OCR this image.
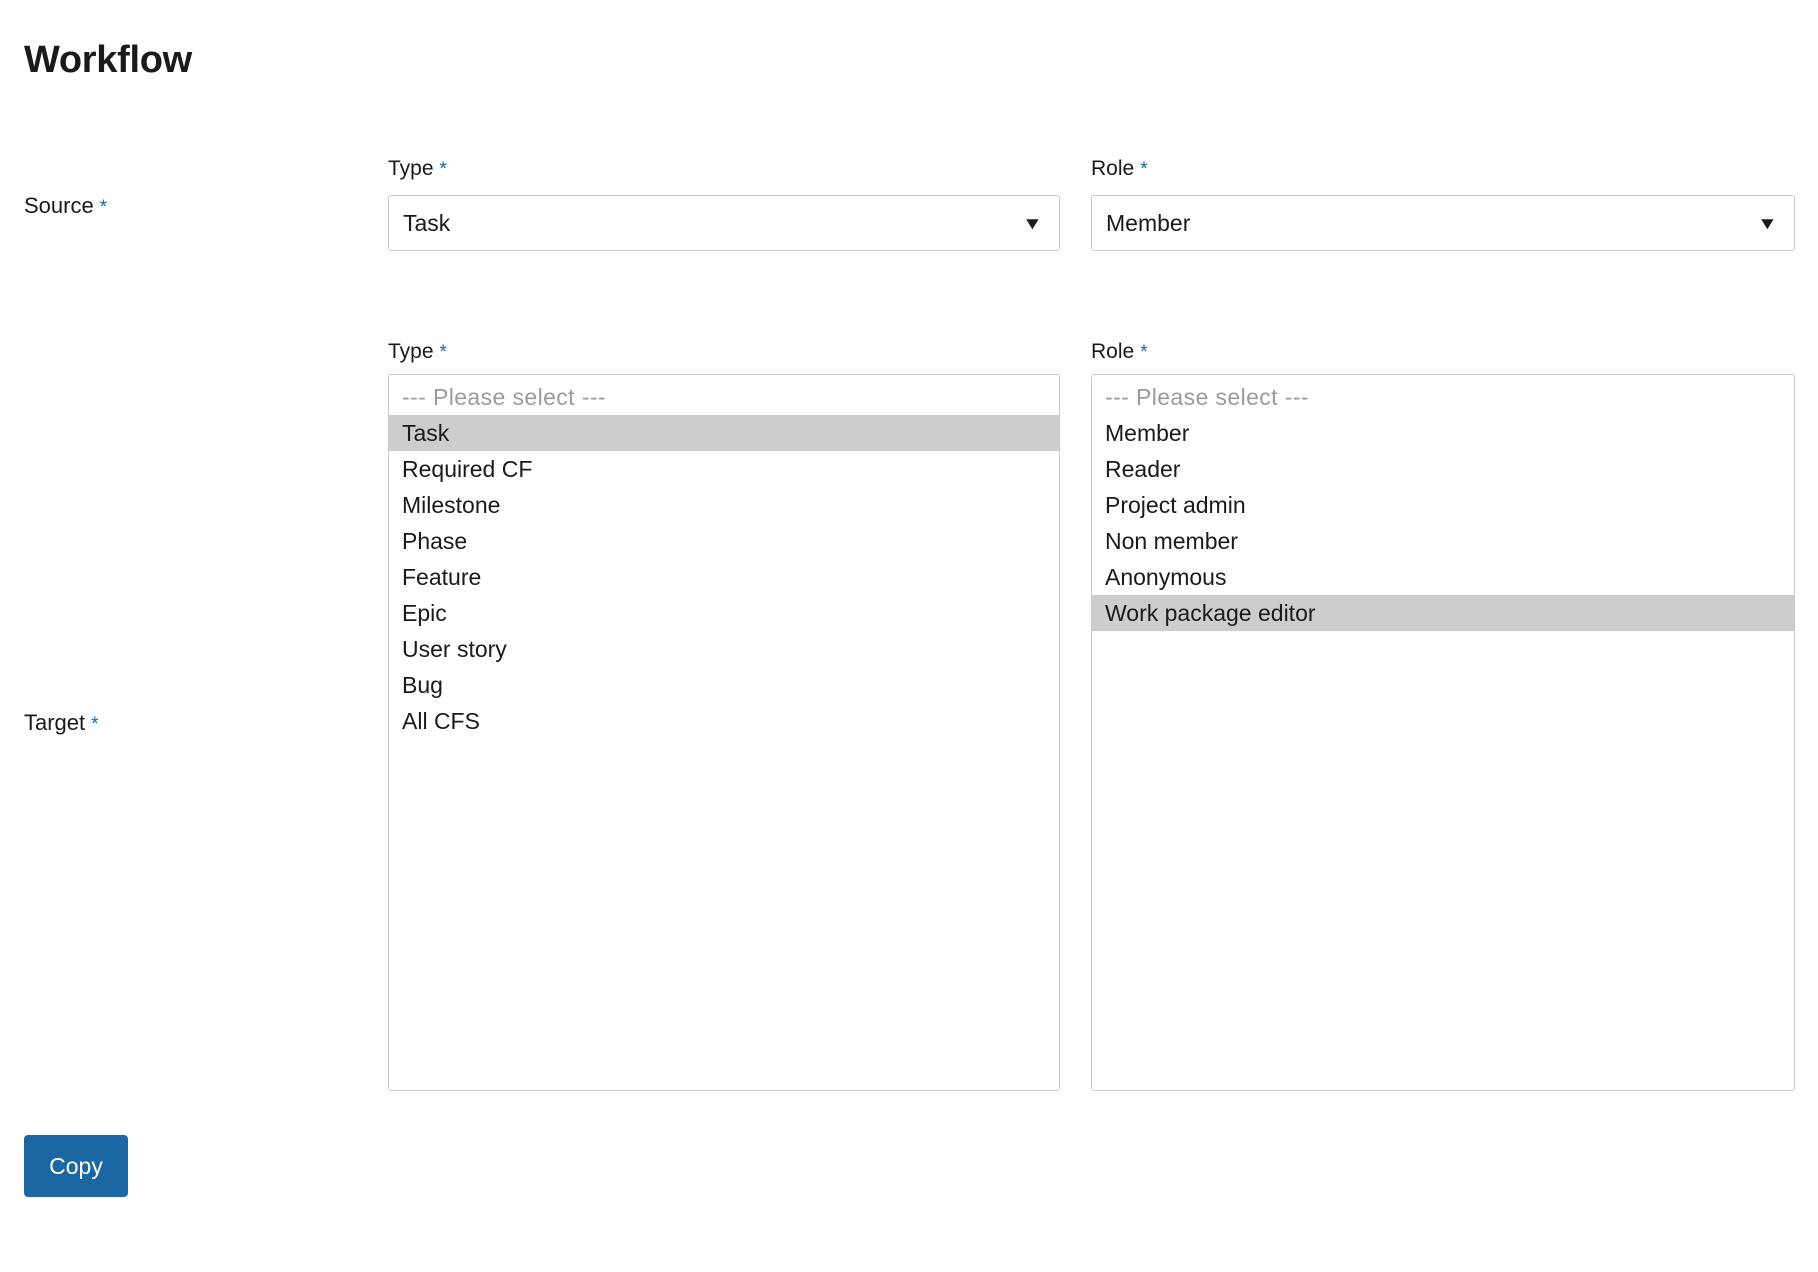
Workflow
Source *
Type *
Task	▼
Role *
Member	▼
Target *
Type *
--- Please select ---
Task
Required CF
Milestone
Phase
Feature
Epic
User story
Bug
All CFS
Role *
--- Please select ---
Member
Reader
Project admin
Non member
Anonymous
Work package editor
Copy
